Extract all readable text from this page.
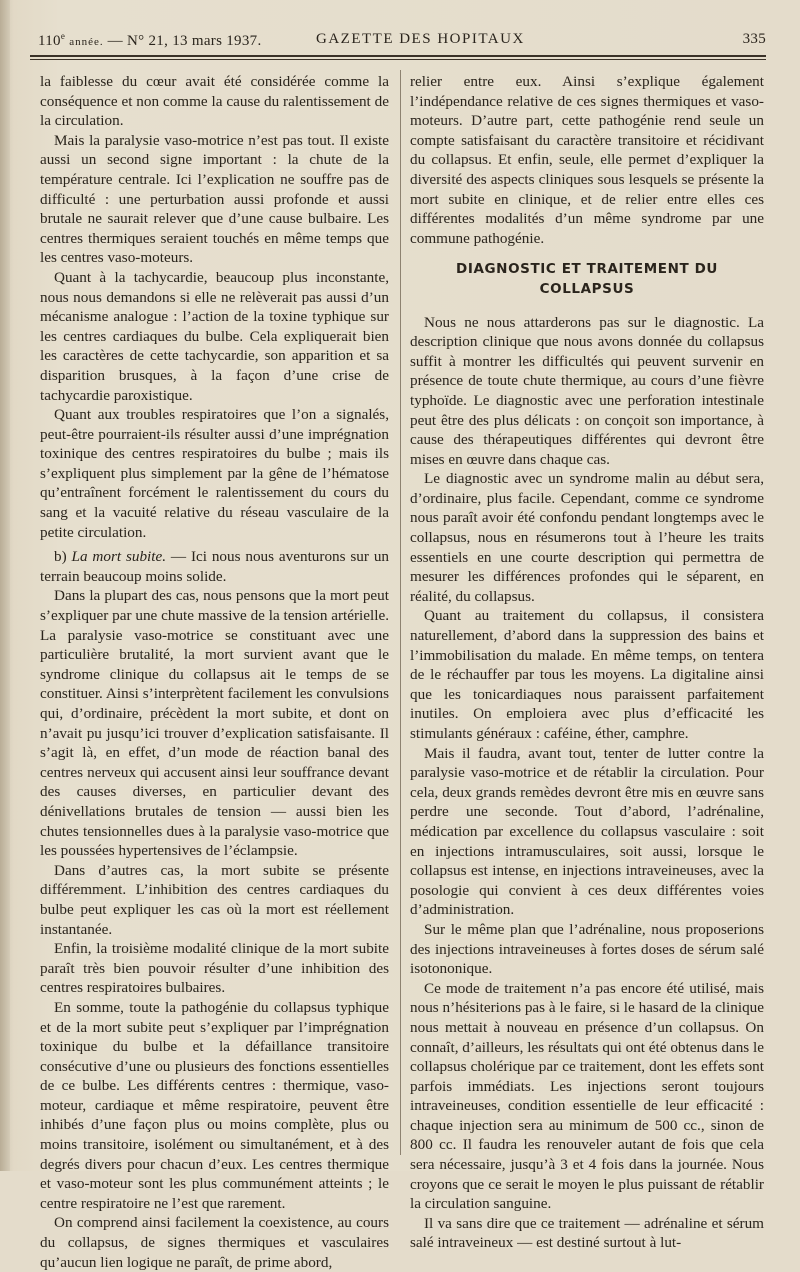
110e année. — N° 21, 13 mars 1937.	GAZETTE DES HOPITAUX	335

la faiblesse du cœur avait été considérée comme la conséquence et non comme la cause du ralentissement de la circulation.

Mais la paralysie vaso-motrice n’est pas tout. Il existe aussi un second signe important : la chute de la température centrale. Ici l’explication ne souffre pas de difficulté : une perturbation aussi profonde et aussi brutale ne saurait relever que d’une cause bulbaire. Les centres thermiques seraient touchés en même temps que les centres vaso-moteurs.

Quant à la tachycardie, beaucoup plus inconstante, nous nous demandons si elle ne relèverait pas aussi d’un mécanisme analogue : l’action de la toxine typhique sur les centres cardiaques du bulbe. Cela expliquerait bien les caractères de cette tachycardie, son apparition et sa disparition brusques, à la façon d’une crise de tachycardie paroxistique.

Quant aux troubles respiratoires que l’on a signalés, peut-être pourraient-ils résulter aussi d’une imprégnation toxinique des centres respiratoires du bulbe ; mais ils s’expliquent plus simplement par la gêne de l’hématose qu’entraînent forcément le ralentissement du cours du sang et la vacuité relative du réseau vasculaire de la petite circulation.

b) La mort subite. — Ici nous nous aventurons sur un terrain beaucoup moins solide.

Dans la plupart des cas, nous pensons que la mort peut s’expliquer par une chute massive de la tension artérielle. La paralysie vaso-motrice se constituant avec une particulière brutalité, la mort survient avant que le syndrome clinique du collapsus ait le temps de se constituer. Ainsi s’interprètent facilement les convulsions qui, d’ordinaire, précèdent la mort subite, et dont on n’avait pu jusqu’ici trouver d’explication satisfaisante. Il s’agit là, en effet, d’un mode de réaction banal des centres nerveux qui accusent ainsi leur souffrance devant des causes diverses, en particulier devant des dénivellations brutales de tension — aussi bien les chutes tensionnelles dues à la paralysie vaso-motrice que les poussées hypertensives de l’éclampsie.

Dans d’autres cas, la mort subite se présente différemment. L’inhibition des centres cardiaques du bulbe peut expliquer les cas où la mort est réellement instantanée.

Enfin, la troisième modalité clinique de la mort subite paraît très bien pouvoir résulter d’une inhibition des centres respiratoires bulbaires.

En somme, toute la pathogénie du collapsus typhique et de la mort subite peut s’expliquer par l’imprégnation toxinique du bulbe et la défaillance transitoire consécutive d’une ou plusieurs des fonctions essentielles de ce bulbe. Les différents centres : thermique, vaso-moteur, cardiaque et même respiratoire, peuvent être inhibés d’une façon plus ou moins complète, plus ou moins transitoire, isolément ou simultanément, et à des degrés divers pour chacun d’eux. Les centres thermique et vaso-moteur sont les plus communément atteints ; le centre respiratoire ne l’est que rarement.

On comprend ainsi facilement la coexistence, au cours du collapsus, de signes thermiques et vasculaires qu’aucun lien logique ne paraît, de prime abord,

relier entre eux. Ainsi s’explique également l’indépendance relative de ces signes thermiques et vaso-moteurs. D’autre part, cette pathogénie rend seule un compte satisfaisant du caractère transitoire et récidivant du collapsus. Et enfin, seule, elle permet d’expliquer la diversité des aspects cliniques sous lesquels se présente la mort subite en clinique, et de relier entre elles ces différentes modalités d’un même syndrome par une commune pathogénie.

DIAGNOSTIC ET TRAITEMENT DU COLLAPSUS

Nous ne nous attarderons pas sur le diagnostic. La description clinique que nous avons donnée du collapsus suffit à montrer les difficultés qui peuvent survenir en présence de toute chute thermique, au cours d’une fièvre typhoïde. Le diagnostic avec une perforation intestinale peut être des plus délicats : on conçoit son importance, à cause des thérapeutiques différentes qui devront être mises en œuvre dans chaque cas.

Le diagnostic avec un syndrome malin au début sera, d’ordinaire, plus facile. Cependant, comme ce syndrome nous paraît avoir été confondu pendant longtemps avec le collapsus, nous en résumerons tout à l’heure les traits essentiels en une courte description qui permettra de mesurer les différences profondes qui le séparent, en réalité, du collapsus.

Quant au traitement du collapsus, il consistera naturellement, d’abord dans la suppression des bains et l’immobilisation du malade. En même temps, on tentera de le réchauffer par tous les moyens. La digitaline ainsi que les tonicardiaques nous paraissent parfaitement inutiles. On emploiera avec plus d’efficacité les stimulants généraux : caféine, éther, camphre.

Mais il faudra, avant tout, tenter de lutter contre la paralysie vaso-motrice et de rétablir la circulation. Pour cela, deux grands remèdes devront être mis en œuvre sans perdre une seconde. Tout d’abord, l’adrénaline, médication par excellence du collapsus vasculaire : soit en injections intramusculaires, soit aussi, lorsque le collapsus est intense, en injections intraveineuses, avec la posologie qui convient à ces deux différentes voies d’administration.

Sur le même plan que l’adrénaline, nous proposerions des injections intraveineuses à fortes doses de sérum salé isotononique.

Ce mode de traitement n’a pas encore été utilisé, mais nous n’hésiterions pas à le faire, si le hasard de la clinique nous mettait à nouveau en présence d’un collapsus. On connaît, d’ailleurs, les résultats qui ont été obtenus dans le collapsus cholérique par ce traitement, dont les effets sont parfois immédiats. Les injections seront toujours intraveineuses, condition essentielle de leur efficacité : chaque injection sera au minimum de 500 cc., sinon de 800 cc. Il faudra les renouveler autant de fois que cela sera nécessaire, jusqu’à 3 et 4 fois dans la journée. Nous croyons que ce serait le moyen le plus puissant de rétablir la circulation sanguine.

Il va sans dire que ce traitement — adrénaline et sérum salé intraveineux — est destiné surtout à lut-
